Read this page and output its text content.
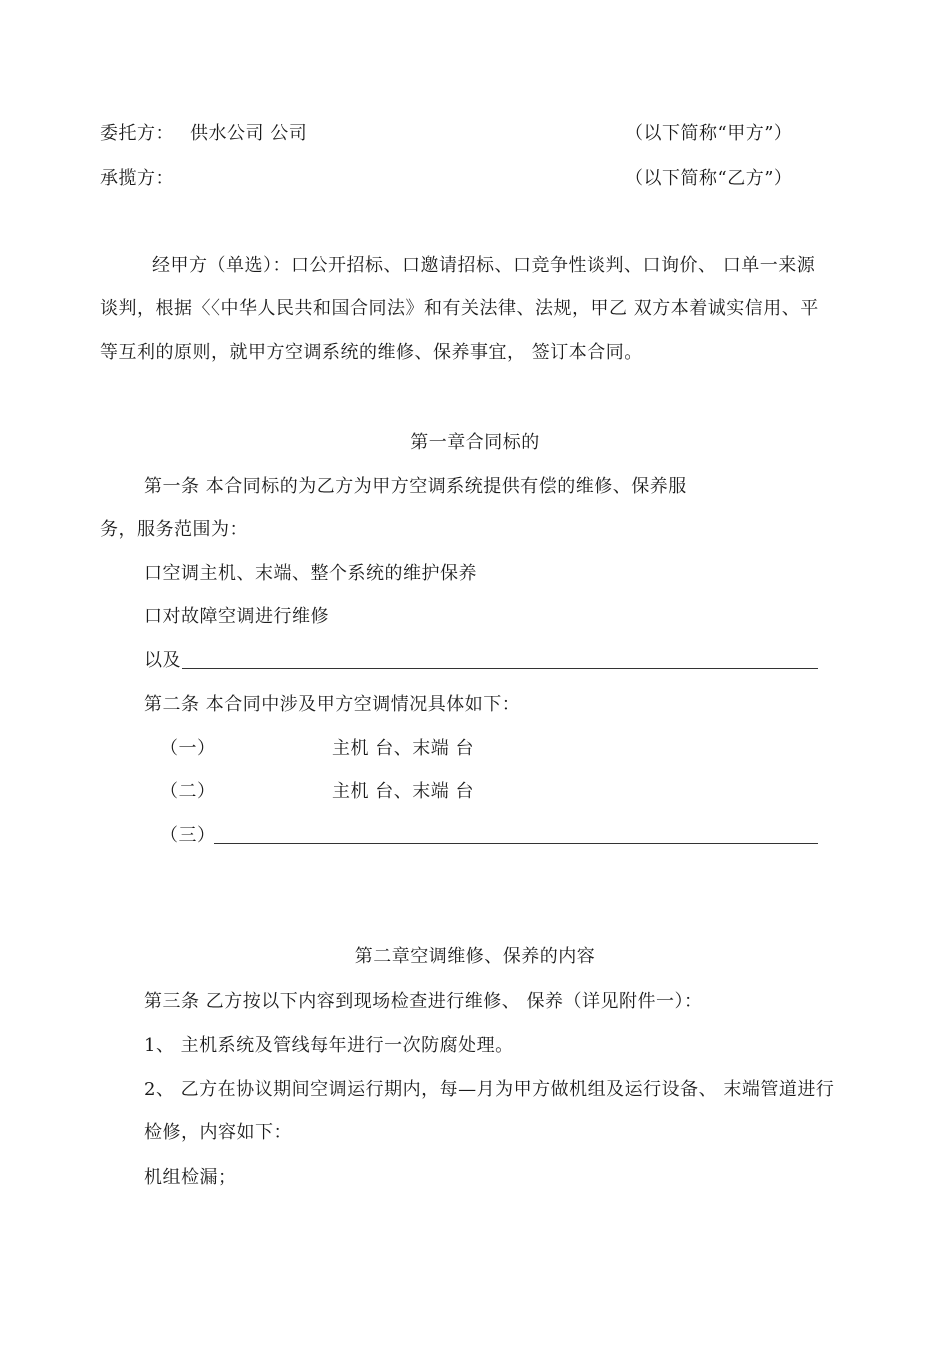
委托方： 供水公司 公司	（以下简称“甲方”）
承揽方：	（以下简称“乙方”）
经甲方（单选）：口公开招标、口邀请招标、口竞争性谈判、口询价、 口单一来源
谈判，根据〈〈中华人民共和国合同法》和有关法律、法规，甲乙 双方本着诚实信用、平
等互利的原则，就甲方空调系统的维修、保养事宜， 签订本合同。
第一章合同标的
第一条 本合同标的为乙方为甲方空调系统提供有偿的维修、保养服
务，服务范围为：
口空调主机、末端、整个系统的维护保养
口对故障空调进行维修
以及
第二条 本合同中涉及甲方空调情况具体如下：
（一）	主机 台、末端 台
（二）	主机 台、末端 台
（三）
第二章空调维修、保养的内容
第三条 乙方按以下内容到现场检查进行维修、 保养（详见附件一）：
1、 主机系统及管线每年进行一次防腐处理。
2、 乙方在协议期间空调运行期内，每—月为甲方做机组及运行设备、 末端管道进行
检修，内容如下：
机组检漏；
